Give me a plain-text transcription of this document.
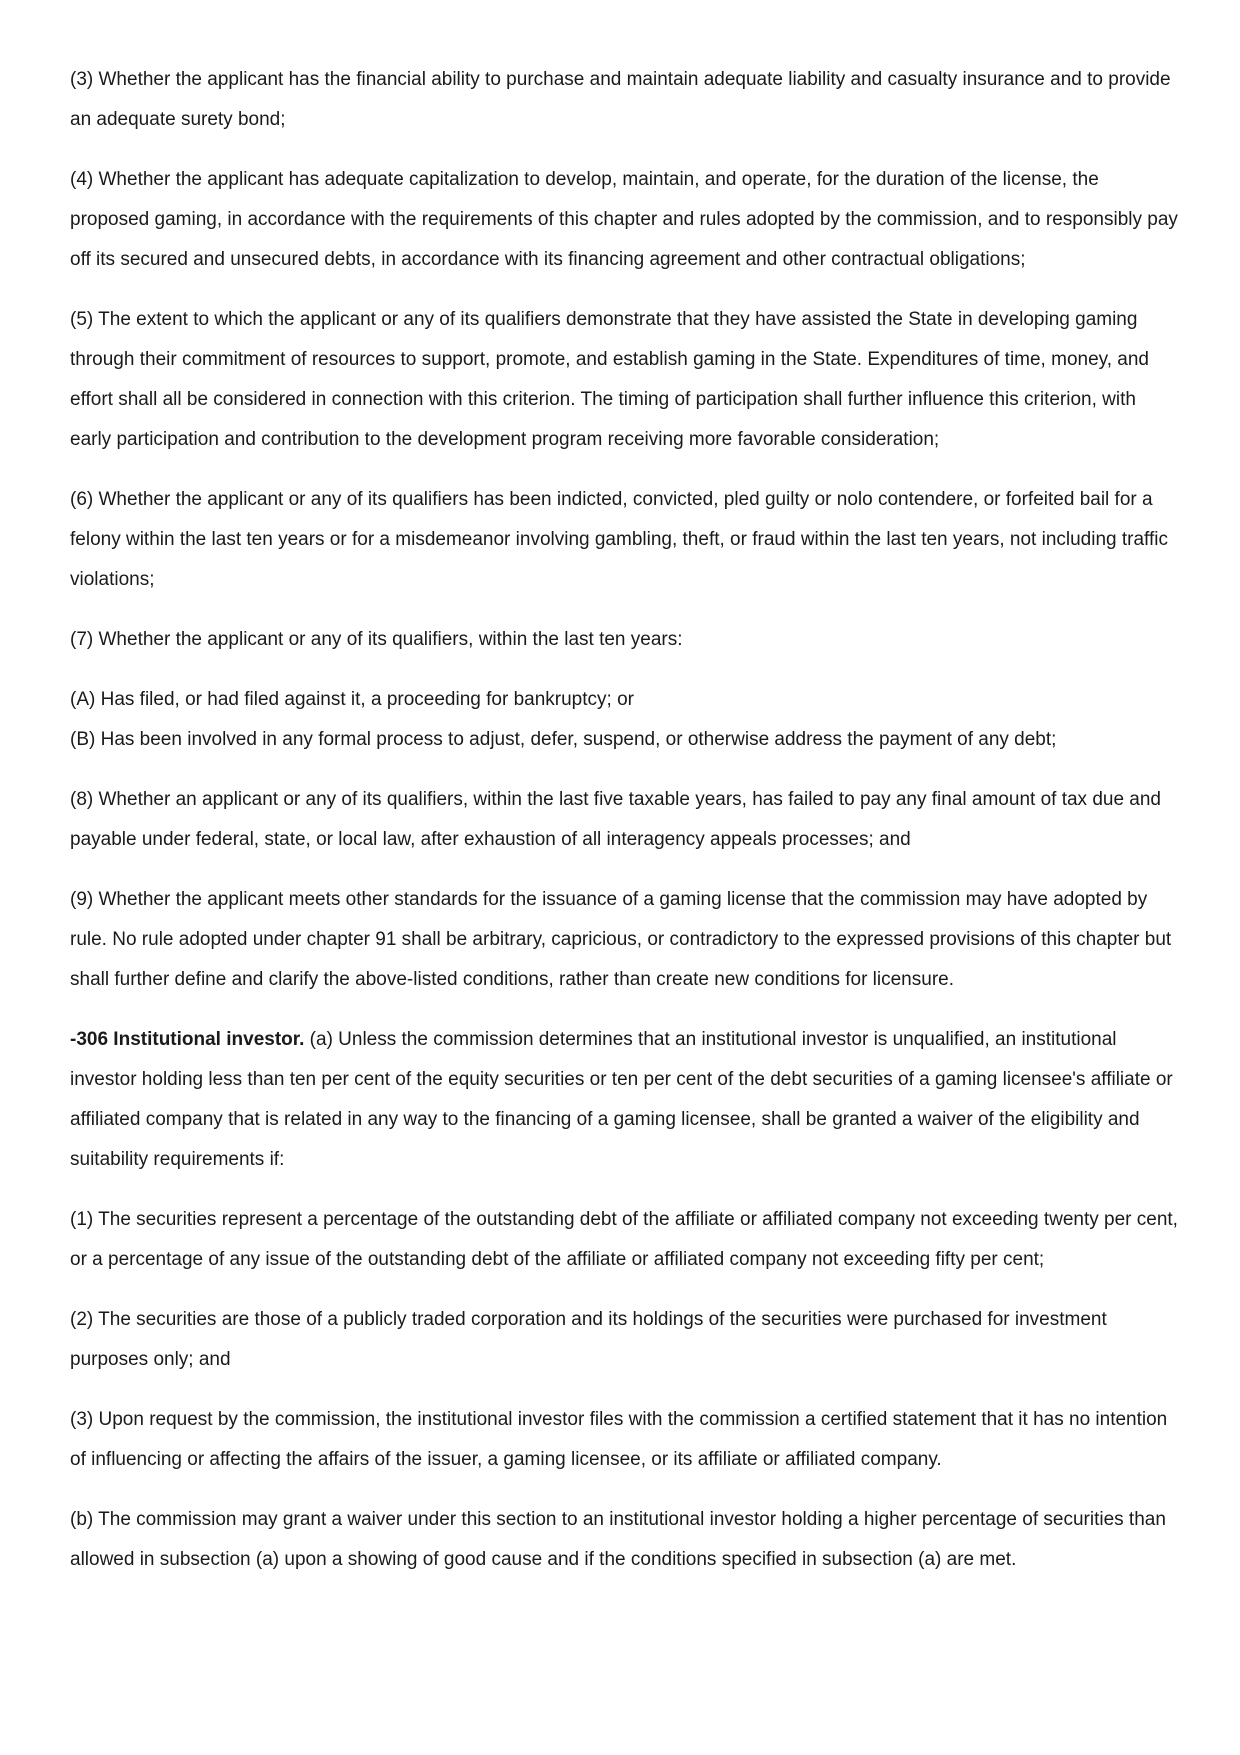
(3) Whether the applicant has the financial ability to purchase and maintain adequate liability and casualty insurance and to provide an adequate surety bond;

(4) Whether the applicant has adequate capitalization to develop, maintain, and operate, for the duration of the license, the proposed gaming, in accordance with the requirements of this chapter and rules adopted by the commission, and to responsibly pay off its secured and unsecured debts, in accordance with its financing agreement and other contractual obligations;

(5) The extent to which the applicant or any of its qualifiers demonstrate that they have assisted the State in developing gaming through their commitment of resources to support, promote, and establish gaming in the State. Expenditures of time, money, and effort shall all be considered in connection with this criterion. The timing of participation shall further influence this criterion, with early participation and contribution to the development program receiving more favorable consideration;

(6) Whether the applicant or any of its qualifiers has been indicted, convicted, pled guilty or nolo contendere, or forfeited bail for a felony within the last ten years or for a misdemeanor involving gambling, theft, or fraud within the last ten years, not including traffic violations;

(7) Whether the applicant or any of its qualifiers, within the last ten years:

(A) Has filed, or had filed against it, a proceeding for bankruptcy; or

(B) Has been involved in any formal process to adjust, defer, suspend, or otherwise address the payment of any debt;

(8) Whether an applicant or any of its qualifiers, within the last five taxable years, has failed to pay any final amount of tax due and payable under federal, state, or local law, after exhaustion of all interagency appeals processes; and

(9) Whether the applicant meets other standards for the issuance of a gaming license that the commission may have adopted by rule. No rule adopted under chapter 91 shall be arbitrary, capricious, or contradictory to the expressed provisions of this chapter but shall further define and clarify the above-listed conditions, rather than create new conditions for licensure.

-306 Institutional investor. (a) Unless the commission determines that an institutional investor is unqualified, an institutional investor holding less than ten per cent of the equity securities or ten per cent of the debt securities of a gaming licensee's affiliate or affiliated company that is related in any way to the financing of a gaming licensee, shall be granted a waiver of the eligibility and suitability requirements if:

(1) The securities represent a percentage of the outstanding debt of the affiliate or affiliated company not exceeding twenty per cent, or a percentage of any issue of the outstanding debt of the affiliate or affiliated company not exceeding fifty per cent;

(2) The securities are those of a publicly traded corporation and its holdings of the securities were purchased for investment purposes only; and

(3) Upon request by the commission, the institutional investor files with the commission a certified statement that it has no intention of influencing or affecting the affairs of the issuer, a gaming licensee, or its affiliate or affiliated company.

(b) The commission may grant a waiver under this section to an institutional investor holding a higher percentage of securities than allowed in subsection (a) upon a showing of good cause and if the conditions specified in subsection (a) are met.
